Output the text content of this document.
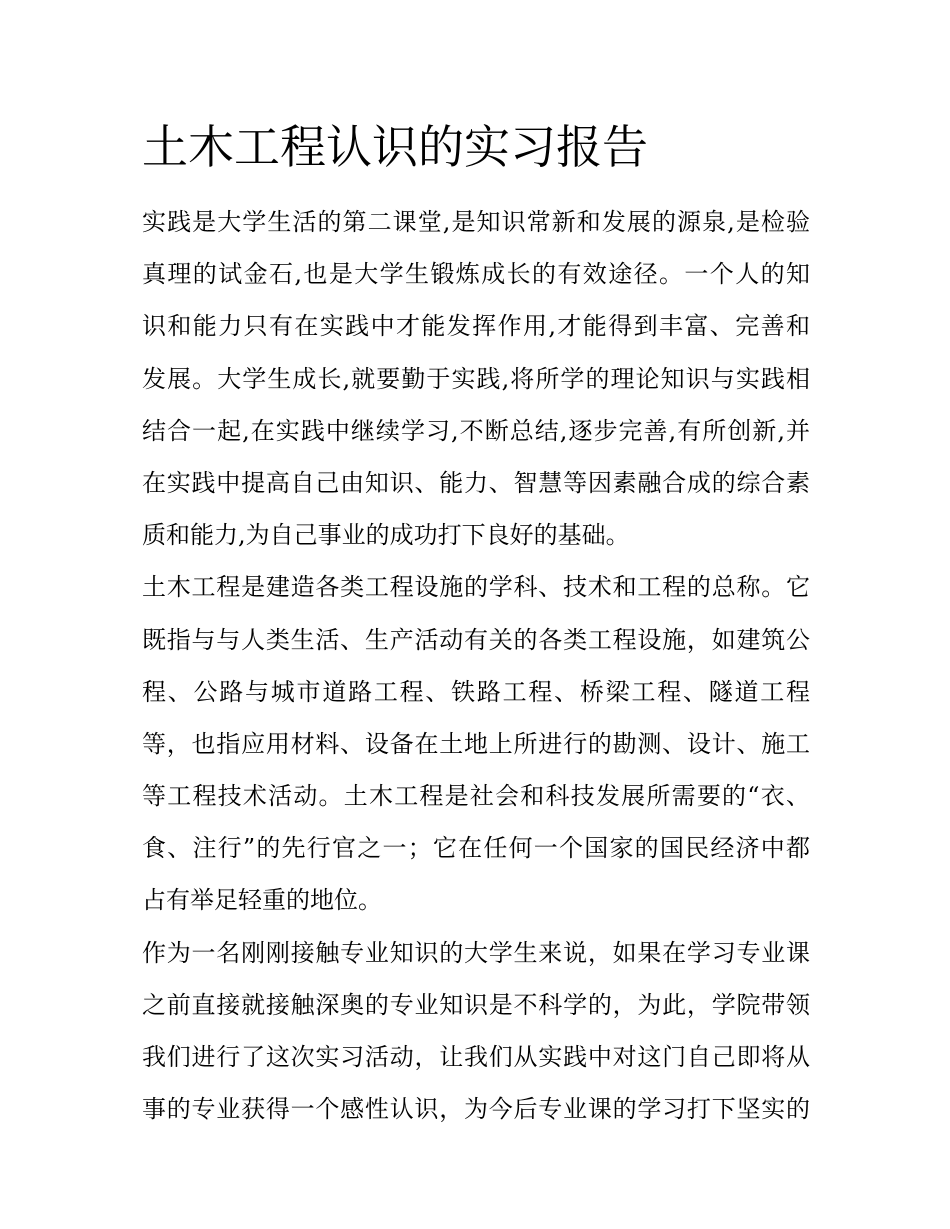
土木工程认识的实习报告
实践是大学生活的第二课堂,是知识常新和发展的源泉,是检验
真理的试金石,也是大学生锻炼成长的有效途径。一个人的知
识和能力只有在实践中才能发挥作用,才能得到丰富、完善和
发展。大学生成长,就要勤于实践,将所学的理论知识与实践相
结合一起,在实践中继续学习,不断总结,逐步完善,有所创新,并
在实践中提高自己由知识、能力、智慧等因素融合成的综合素
质和能力,为自己事业的成功打下良好的基础。
土木工程是建造各类工程设施的学科、技术和工程的总称。它
既指与与人类生活、生产活动有关的各类工程设施，如建筑公
程、公路与城市道路工程、铁路工程、桥梁工程、隧道工程
等，也指应用材料、设备在土地上所进行的勘测、设计、施工
等工程技术活动。土木工程是社会和科技发展所需要的“衣、
食、注行”的先行官之一；它在任何一个国家的国民经济中都
占有举足轻重的地位。
作为一名刚刚接触专业知识的大学生来说，如果在学习专业课
之前直接就接触深奥的专业知识是不科学的，为此，学院带领
我们进行了这次实习活动，让我们从实践中对这门自己即将从
事的专业获得一个感性认识，为今后专业课的学习打下坚实的
